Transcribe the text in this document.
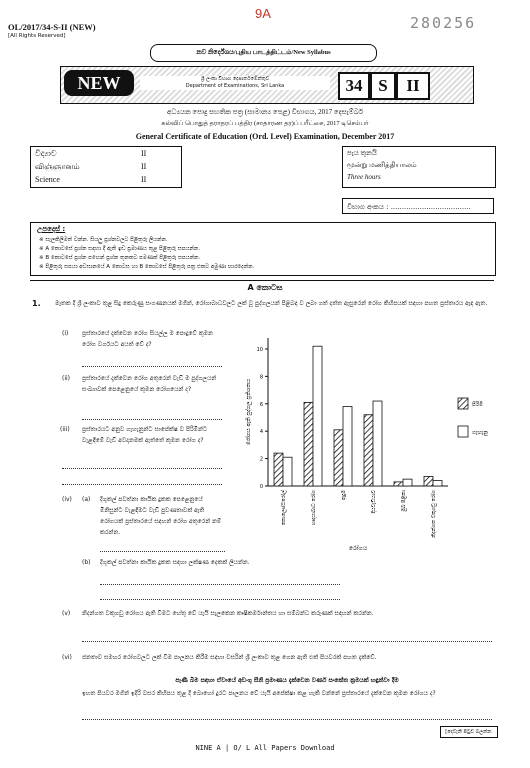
9A
280256
OL/2017/34-S-II (NEW)
[All Rights Reserved]
නව නිර්දේශය/புதிய பாடத்திட்டம்/New Syllabus
NEW	ශ්‍රී ලංකා විභාග දෙපාර්තමේන්තුව
Department of Examinations, Sri Lanka	34 S	II
අධ්‍යයන පොදු සහතික පත්‍ර (සාමාන්‍ය පෙළ) විභාගය, 2017 දෙසැම්බර්
கல்விப் பொதுத் தராதரப் பத்திர (சாதாரண தர)ப் பரீட்சை, 2017 டிசெம்பர்
General Certificate of Education (Ord. Level) Examination, December 2017
විද්‍යාව	II
விஞ்ஞானம்	II
Science	II
පැය තුනයි
மூன்று மணித்தியாலம்
Three hours
විභාග අංකය : ....................................
උපදෙස් :
※ සැලකිලිමත් වන්න. සියලු ප්‍රශ්නවලට පිළිතුරු ලියන්න.
※ A කොටසේ ප්‍රශ්න සඳහා දී ඇති ඉඩ ප්‍රමාණය තුළ පිළිතුරු සපයන්න.
※ B කොටසේ ප්‍රශ්න පහෙන් ප්‍රශ්න තුනකට පමණක් පිළිතුරු සපයන්න.
※ පිළිතුරු සපයා අවසානයේ A කොටස හා B කොටසේ පිළිතුරු පත්‍ර එකට අමුණා භාරදෙන්න.
A කොටස
1. මෑතක දී ශ්‍රී ලංකාව තුළ සිදු කෙරුණු සංගණනයක් මගින්, රෝගාබාධවලට ලක් වූ පුද්ගලයන් පිළිබඳ ව ලබා ගත් දත්ත ඇසුරෙන් රෝග කිහිපයක් සඳහා පහත ප්‍රස්තාරය ඇඳ ඇත.
(i) ප්‍රස්තාරයේ දැක්වෙන රෝග සියල්ල ම පොදුවේ කුමන රෝග වර්ගයට අයත් වේ ද?
(ii) ප්‍රස්තාරයේ දැක්වෙන රෝග අතුරෙන් වැඩි ම පුද්ගලයන් සංඛ්‍යාවක් පෙළෙනුයේ කුමන රෝගයෙන් ද?
(iii) ප්‍රස්තාරයට අනුව ගැහැනුන්ට සාපේක්ෂ ව පිරිමින්ට වැළඳීමේ වැඩි අවදානමක් ඇත්තේ කුමන රෝග ද?
(iv) (a) දිගුකල් පවත්නා කායික දුකක පෙළෙනුයේ මිනිසුන්ට වැළඳීමට වැඩි පුවණතාවක් ඇති රෝගයක් ප්‍රස්තාරයේ සඳහන් රෝග අතුරෙන් නම් කරන්න.
(b) දිගුකල් පවත්නා කායික දුකක සඳහා ලක්ෂණ දෙකක් ලියන්න.
(v) නිදන්ගත වකුගඩු රෝගය ඇති වීමට හේතු වේ යැයි සැලකෙන කෘෂිකර්මාන්තය හා සම්බන්ධ කරුණක් සඳහන් කරන්න.
(vi) ජනතාව සමහර රෝගවලට ලක් වීම පාලනය කිරීම සඳහා වසරින් ශ්‍රී ලංකාව තුළ ගෙන ඇති එක් පියවරක් පහත දැක්වේ.
පැණි බීම සඳහා ඒවායේ අඩංගු සීනි ප්‍රමාණය දැක්වෙන වර්ණ සංකේත ක්‍රමයක් හඳුන්වා දීම
ඉහත පියවර මගින් ඉදිරි වසර කිහිපය තුළ දී බොහෝ දුරට පාලනය වේ යැයි අපේක්ෂා කළ හැකි වන්නේ ප්‍රස්තාරයේ දැක්වෙන කුමන රෝගය ද?
[දෙවැනි පිටුව බලන්න.
NINE A | O/ L All Papers Download
0
2
4
6
8
10
රෝගය ඇති පුද්ගල ප්‍රතිශතය
කොලෙස්ටරෝල්	හෘදයාබාධ රෝග	ඇදුම	දියවැඩියාව	මුඛ පිළිකා	නිදන්ගත වකුගඩු රෝග
රෝගය
පිරිමි
ගැහැනු
